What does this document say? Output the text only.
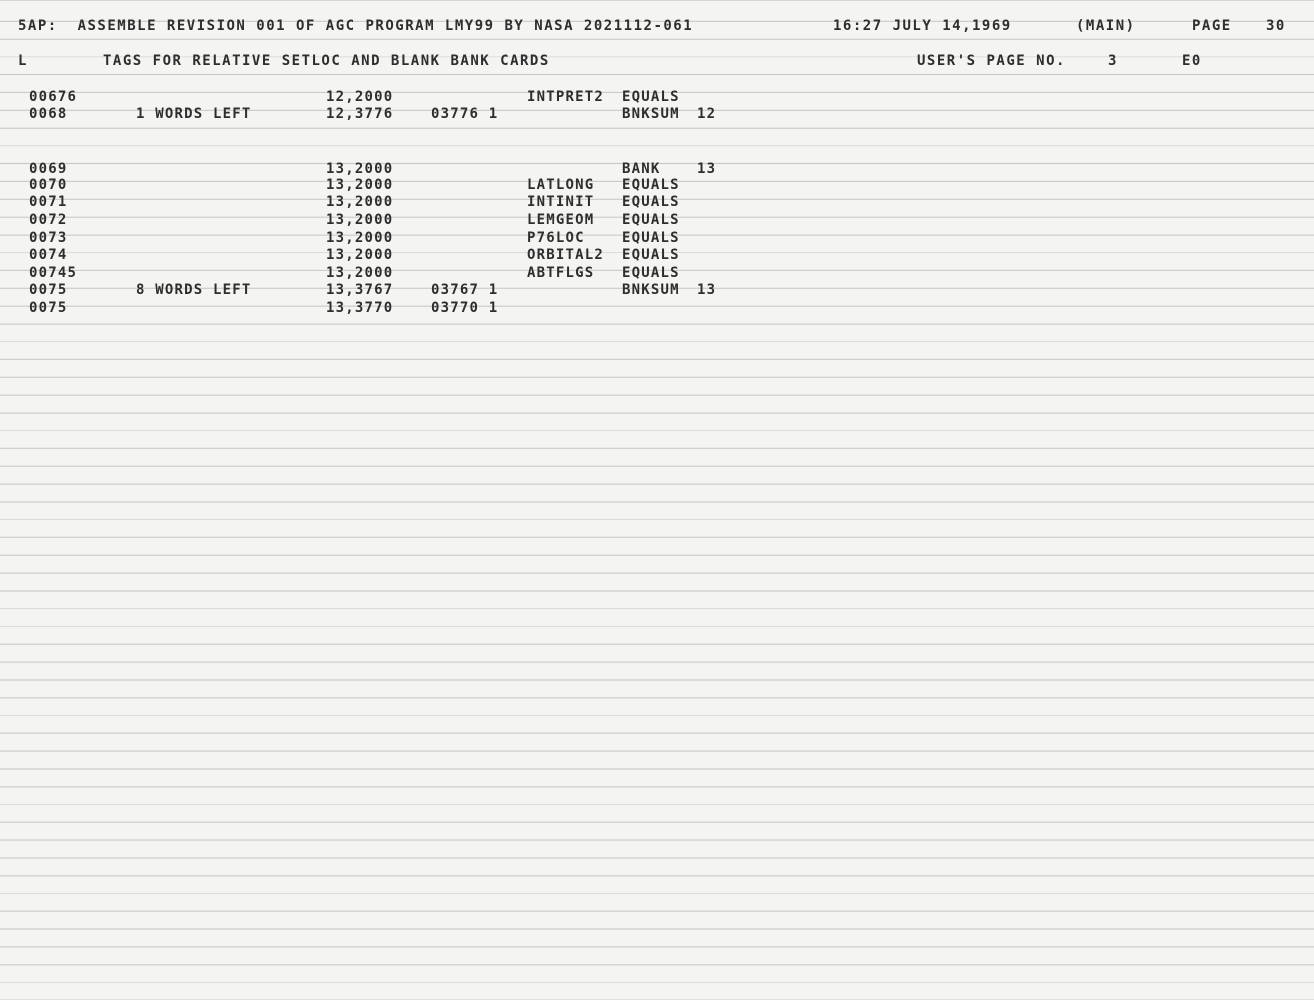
5AP:  ASSEMBLE REVISION 001 OF AGC PROGRAM LMY99 BY NASA 2021112-061	16:27 JULY 14,1969	(MAIN)	PAGE 30
L	TAGS FOR RELATIVE SETLOC AND BLANK BANK CARDS	USER'S PAGE NO.	3	E0
00676	12,2000	INTPRET2 EQUALS
0068	1 WORDS LEFT	12,3776	03776 1	BNKSUM 12
0069	13,2000	BANK	13
0070	13,2000	LATLONG EQUALS
0071	13,2000	INTINIT EQUALS
0072	13,2000	LEMGEOM EQUALS
0073	13,2000	P76LOC	EQUALS
0074	13,2000	ORBITAL2 EQUALS
00745	13,2000	ABTFLGS EQUALS
0075	8 WORDS LEFT	13,3767	03767 1	BNKSUM 13
0075	13,3770	03770 1
